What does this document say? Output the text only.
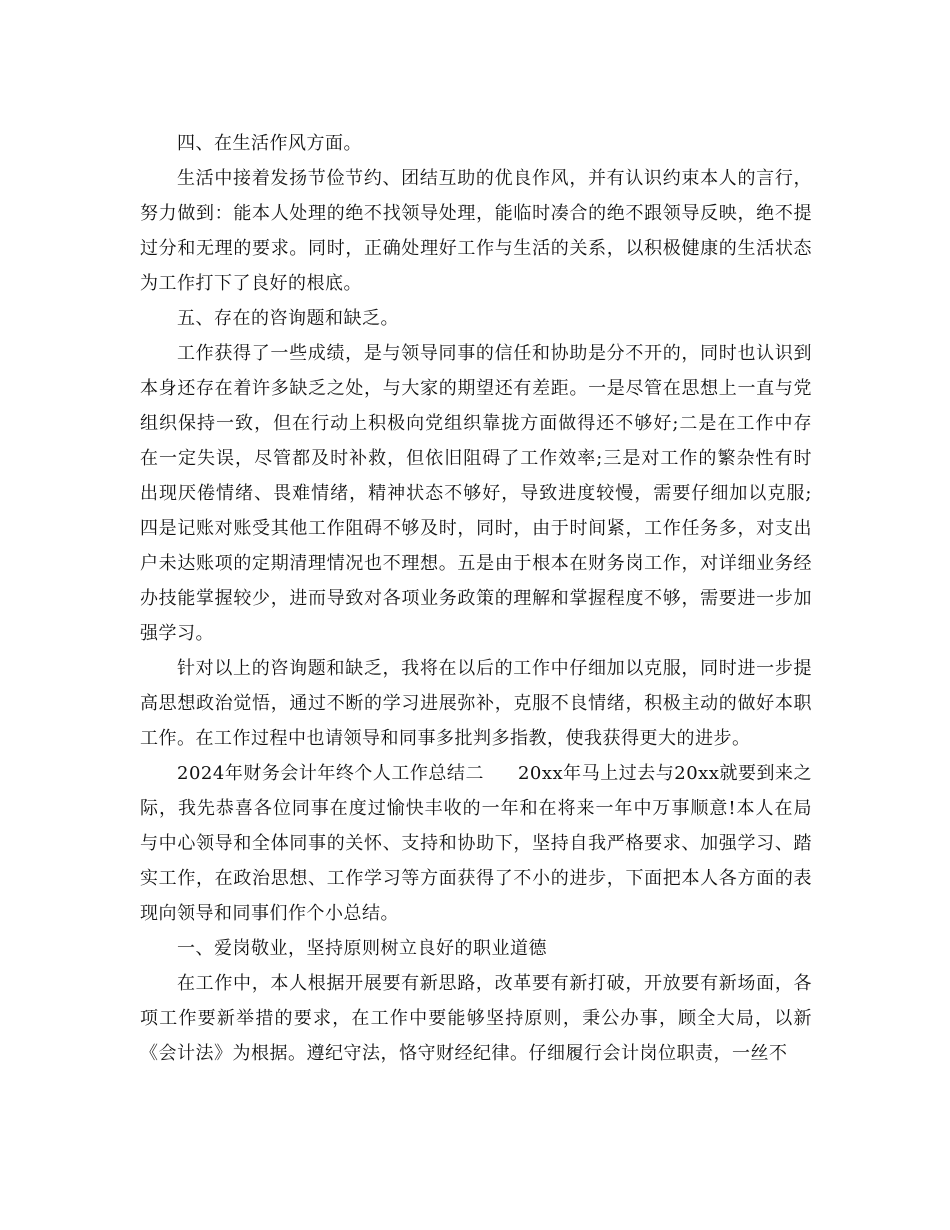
四、在生活作风方面。

生活中接着发扬节俭节约、团结互助的优良作风，并有认识约束本人的言行，努力做到：能本人处理的绝不找领导处理，能临时凑合的绝不跟领导反映，绝不提过分和无理的要求。同时，正确处理好工作与生活的关系，以积极健康的生活状态为工作打下了良好的根底。

五、存在的咨询题和缺乏。

工作获得了一些成绩，是与领导同事的信任和协助是分不开的，同时也认识到本身还存在着许多缺乏之处，与大家的期望还有差距。一是尽管在思想上一直与党组织保持一致，但在行动上积极向党组织靠拢方面做得还不够好;二是在工作中存在一定失误，尽管都及时补救，但依旧阻碍了工作效率;三是对工作的繁杂性有时出现厌倦情绪、畏难情绪，精神状态不够好，导致进度较慢，需要仔细加以克服;四是记账对账受其他工作阻碍不够及时，同时，由于时间紧，工作任务多，对支出户未达账项的定期清理情况也不理想。五是由于根本在财务岗工作，对详细业务经办技能掌握较少，进而导致对各项业务政策的理解和掌握程度不够，需要进一步加强学习。

针对以上的咨询题和缺乏，我将在以后的工作中仔细加以克服，同时进一步提高思想政治觉悟，通过不断的学习进展弥补，克服不良情绪，积极主动的做好本职工作。在工作过程中也请领导和同事多批判多指教，使我获得更大的进步。

2024年财务会计年终个人工作总结二 20xx年马上过去与20xx就要到来之际，我先恭喜各位同事在度过愉快丰收的一年和在将来一年中万事顺意!本人在局与中心领导和全体同事的关怀、支持和协助下，坚持自我严格要求、加强学习、踏实工作，在政治思想、工作学习等方面获得了不小的进步，下面把本人各方面的表现向领导和同事们作个小总结。

一、爱岗敬业，坚持原则树立良好的职业道德

在工作中，本人根据开展要有新思路，改革要有新打破，开放要有新场面，各项工作要新举措的要求，在工作中要能够坚持原则，秉公办事，顾全大局，以新《会计法》为根据。遵纪守法，恪守财经纪律。仔细履行会计岗位职责，一丝不
